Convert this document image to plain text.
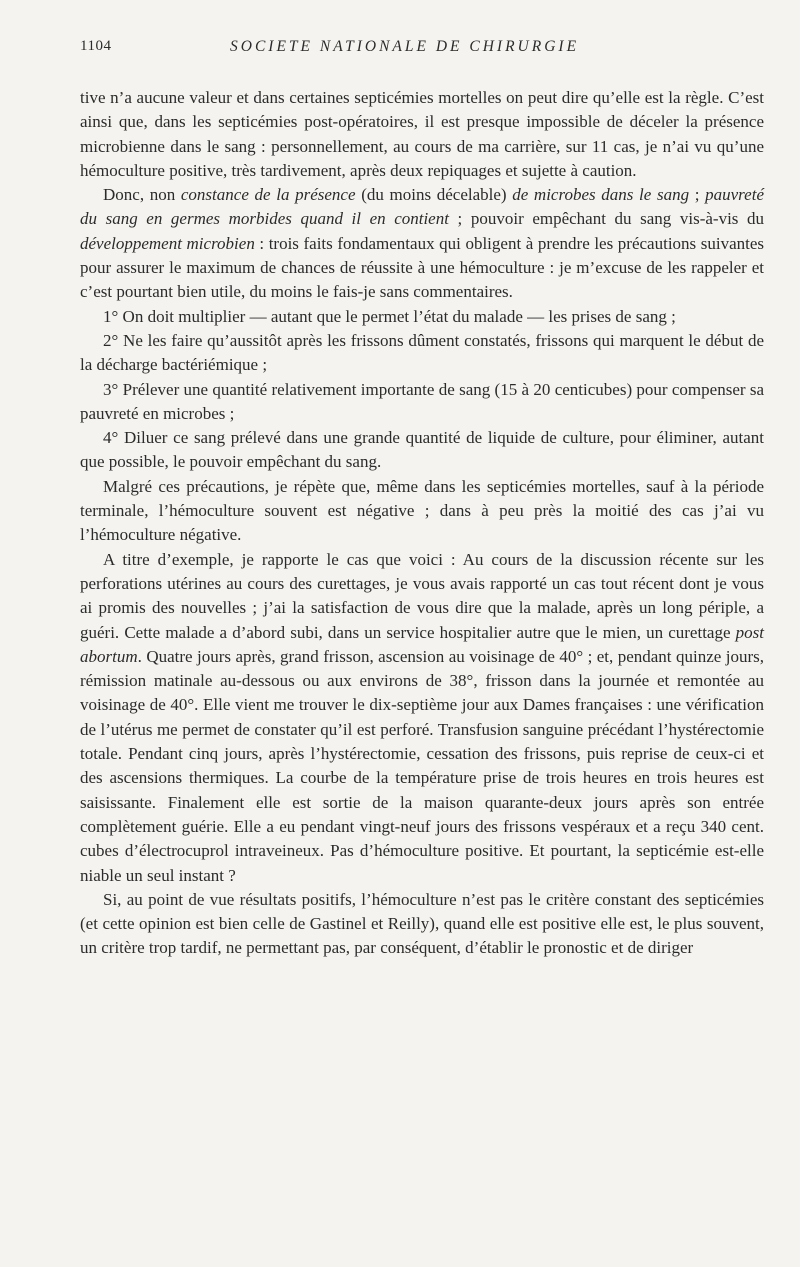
1104	SOCIETE NATIONALE DE CHIRURGIE

tive n’a aucune valeur et dans certaines septicémies mortelles on peut dire qu’elle est la règle. C’est ainsi que, dans les septicémies post-opératoires, il est presque impossible de déceler la présence microbienne dans le sang : personnellement, au cours de ma carrière, sur 11 cas, je n’ai vu qu’une hémoculture positive, très tardivement, après deux repiquages et sujette à caution.

Donc, non constance de la présence (du moins décelable) de microbes dans le sang ; pauvreté du sang en germes morbides quand il en contient ; pouvoir empêchant du sang vis-à-vis du développement microbien : trois faits fondamentaux qui obligent à prendre les précautions suivantes pour assurer le maximum de chances de réussite à une hémoculture : je m’excuse de les rappeler et c’est pourtant bien utile, du moins le fais-je sans commentaires.

1° On doit multiplier — autant que le permet l’état du malade — les prises de sang ;

2° Ne les faire qu’aussitôt après les frissons dûment constatés, frissons qui marquent le début de la décharge bactériémique ;

3° Prélever une quantité relativement importante de sang (15 à 20 centicubes) pour compenser sa pauvreté en microbes ;

4° Diluer ce sang prélevé dans une grande quantité de liquide de culture, pour éliminer, autant que possible, le pouvoir empêchant du sang.

Malgré ces précautions, je répète que, même dans les septicémies mortelles, sauf à la période terminale, l’hémoculture souvent est négative ; dans à peu près la moitié des cas j’ai vu l’hémoculture négative.

A titre d’exemple, je rapporte le cas que voici : Au cours de la discussion récente sur les perforations utérines au cours des curettages, je vous avais rapporté un cas tout récent dont je vous ai promis des nouvelles ; j’ai la satisfaction de vous dire que la malade, après un long périple, a guéri. Cette malade a d’abord subi, dans un service hospitalier autre que le mien, un curettage post abortum. Quatre jours après, grand frisson, ascension au voisinage de 40° ; et, pendant quinze jours, rémission matinale au-dessous ou aux environs de 38°, frisson dans la journée et remontée au voisinage de 40°. Elle vient me trouver le dix-septième jour aux Dames françaises : une vérification de l’utérus me permet de constater qu’il est perforé. Transfusion sanguine précédant l’hystérectomie totale. Pendant cinq jours, après l’hystérectomie, cessation des frissons, puis reprise de ceux-ci et des ascensions thermiques. La courbe de la température prise de trois heures en trois heures est saisissante. Finalement elle est sortie de la maison quarante-deux jours après son entrée complètement guérie. Elle a eu pendant vingt-neuf jours des frissons vespéraux et a reçu 340 cent. cubes d’électrocuprol intraveineux. Pas d’hémoculture positive. Et pourtant, la septicémie est-elle niable un seul instant ?

Si, au point de vue résultats positifs, l’hémoculture n’est pas le critère constant des septicémies (et cette opinion est bien celle de Gastinel et Reilly), quand elle est positive elle est, le plus souvent, un critère trop tardif, ne permettant pas, par conséquent, d’établir le pronostic et de diriger
